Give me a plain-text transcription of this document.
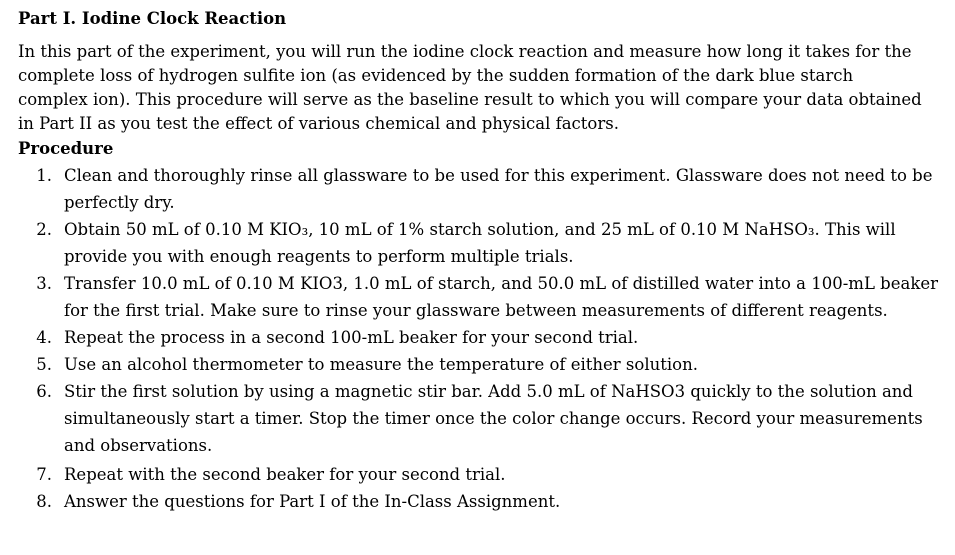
Part I. Iodine Clock Reaction

In this part of the experiment, you will run the iodine clock reaction and measure how long it takes for the complete loss of hydrogen sulfite ion (as evidenced by the sudden formation of the dark blue starch complex ion). This procedure will serve as the baseline result to which you will compare your data obtained in Part II as you test the effect of various chemical and physical factors.

Procedure
1. Clean and thoroughly rinse all glassware to be used for this experiment. Glassware does not need to be perfectly dry.
2. Obtain 50 mL of 0.10 M KIO₃, 10 mL of 1% starch solution, and 25 mL of 0.10 M NaHSO₃. This will provide you with enough reagents to perform multiple trials.
3. Transfer 10.0 mL of 0.10 M KIO3, 1.0 mL of starch, and 50.0 mL of distilled water into a 100-mL beaker for the first trial. Make sure to rinse your glassware between measurements of different reagents.
4. Repeat the process in a second 100-mL beaker for your second trial.
5. Use an alcohol thermometer to measure the temperature of either solution.
6. Stir the first solution by using a magnetic stir bar. Add 5.0 mL of NaHSO3 quickly to the solution and simultaneously start a timer. Stop the timer once the color change occurs. Record your measurements and observations.
7. Repeat with the second beaker for your second trial.
8. Answer the questions for Part I of the In-Class Assignment.
